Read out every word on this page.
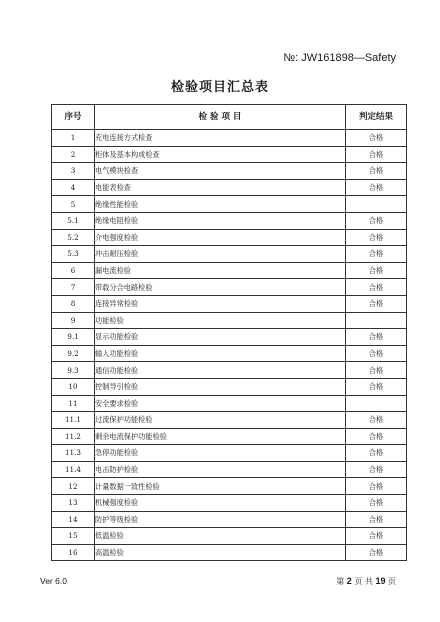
№: JW161898—Safety
检验项目汇总表
序号	检 验 项 目	判定结果
1	充电连接方式检查	合格
2	柜体及基本构成检查	合格
3	电气模块检查	合格
4	电能表检查	合格
5	绝缘性能检验	
5.1	绝缘电阻检验	合格
5.2	介电强度检验	合格
5.3	冲击耐压检验	合格
6	漏电流检验	合格
7	带载分合电路检验	合格
8	连接异常检验	合格
9	功能检验	
9.1	显示功能检验	合格
9.2	输入功能检验	合格
9.3	通信功能检验	合格
10	控制导引检验	合格
11	安全要求检验	
11.1	过流保护功能检验	合格
11.2	剩余电流保护功能检验	合格
11.3	急停功能检验	合格
11.4	电击防护检验	合格
12	计量数据一致性检验	合格
13	机械强度检验	合格
14	防护等级检验	合格
15	低温检验	合格
16	高温检验	合格
Ver 6.0	第 2 页 共 19 页
